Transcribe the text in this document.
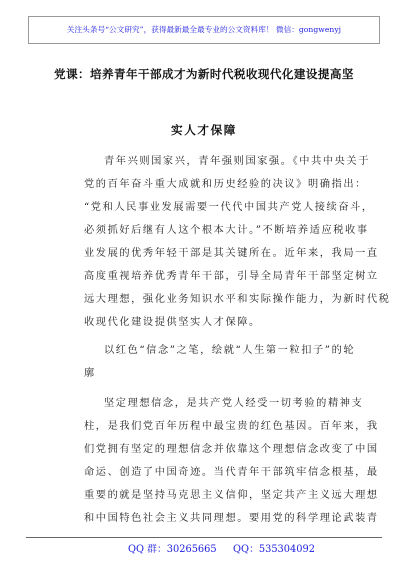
关注头条号“公文研究”，获得最新最全最专业的公文资料库！ 微信：gongwenyj
党课：培养青年干部成才为新时代税收现代化建设提高坚
实人才保障
青年兴则国家兴，青年强则国家强。《中共中央关于
党的百年奋斗重大成就和历史经验的决议》明确指出：
“党和人民事业发展需要一代代中国共产党人接续奋斗，
必须抓好后继有人这个根本大计。”不断培养适应税收事
业发展的优秀年轻干部是其关键所在。近年来，我局一直
高度重视培养优秀青年干部，引导全局青年干部坚定树立
远大理想，强化业务知识水平和实际操作能力，为新时代税
收现代化建设提供坚实人才保障。
以红色“信念”之笔，绘就“人生第一粒扣子”的轮
廓
坚定理想信念，是共产党人经受一切考验的精神支
柱，是我们党百年历程中最宝贵的红色基因。百年来，我
们党拥有坚定的理想信念并依靠这个理想信念改变了中国
命运、创造了中国奇迹。当代青年干部筑牢信念根基，最
重要的就是坚持马克思主义信仰，坚定共产主义远大理想
和中国特色社会主义共同理想。要用党的科学理论武装青
QQ 群：30265665 QQ：535304092
